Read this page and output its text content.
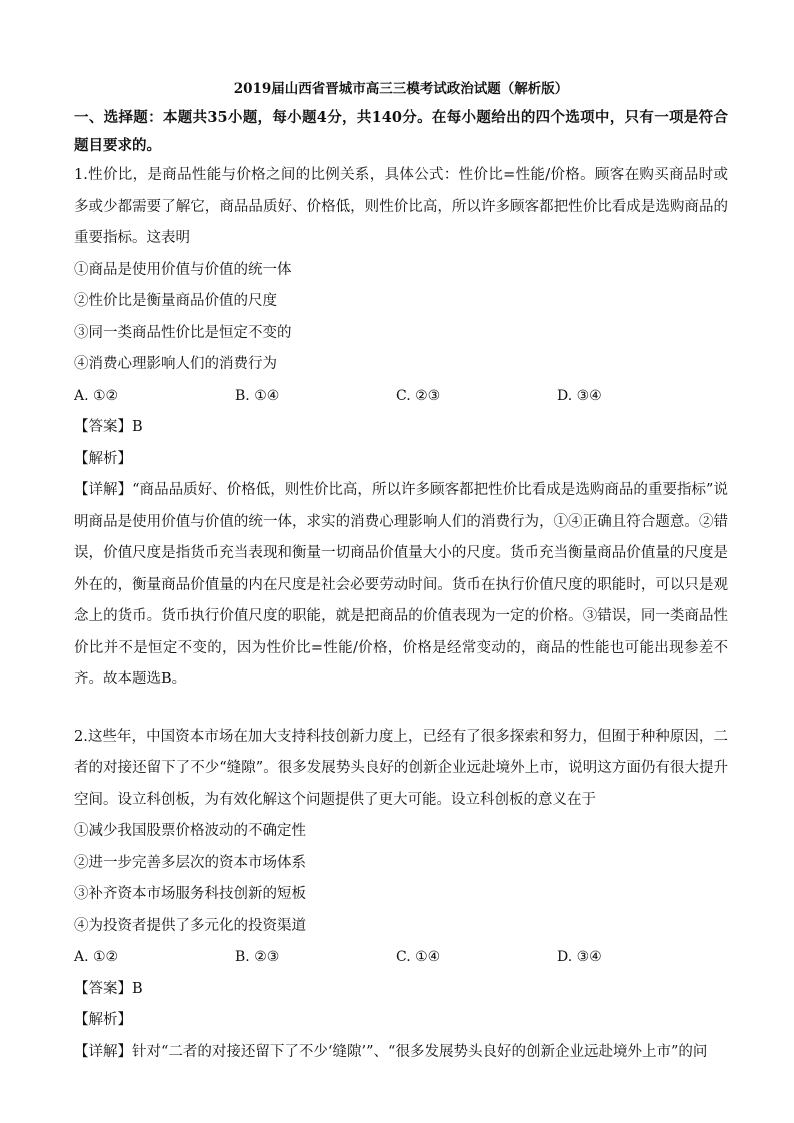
2019届山西省晋城市高三三模考试政治试题（解析版）

一、选择题：本题共35小题，每小题4分，共140分。在每小题给出的四个选项中，只有一项是符合题目要求的。

1.性价比，是商品性能与价格之间的比例关系，具体公式：性价比=性能/价格。顾客在购买商品时或多或少都需要了解它，商品品质好、价格低，则性价比高，所以许多顾客都把性价比看成是选购商品的重要指标。这表明

①商品是使用价值与价值的统一体

②性价比是衡量商品价值的尺度

③同一类商品性价比是恒定不变的

④消费心理影响人们的消费行为

A. ①②	B. ①④	C. ②③	D. ③④

【答案】B

【解析】

【详解】“商品品质好、价格低，则性价比高，所以许多顾客都把性价比看成是选购商品的重要指标”说明商品是使用价值与价值的统一体，求实的消费心理影响人们的消费行为，①④正确且符合题意。②错误，价值尺度是指货币充当表现和衡量一切商品价值量大小的尺度。货币充当衡量商品价值量的尺度是外在的，衡量商品价值量的内在尺度是社会必要劳动时间。货币在执行价值尺度的职能时，可以只是观念上的货币。货币执行价值尺度的职能，就是把商品的价值表现为一定的价格。③错误，同一类商品性价比并不是恒定不变的，因为性价比=性能/价格，价格是经常变动的，商品的性能也可能出现参差不齐。故本题选B。

2.这些年，中国资本市场在加大支持科技创新力度上，已经有了很多探索和努力，但囿于种种原因，二者的对接还留下了不少“缝隙”。很多发展势头良好的创新企业远赴境外上市，说明这方面仍有很大提升空间。设立科创板，为有效化解这个问题提供了更大可能。设立科创板的意义在于

①减少我国股票价格波动的不确定性

②进一步完善多层次的资本市场体系

③补齐资本市场服务科技创新的短板

④为投资者提供了多元化的投资渠道

A. ①②	B. ②③	C. ①④	D. ③④

【答案】B

【解析】

【详解】针对“二者的对接还留下了不少‘缝隙’”、“很多发展势头良好的创新企业远赴境外上市”的问
